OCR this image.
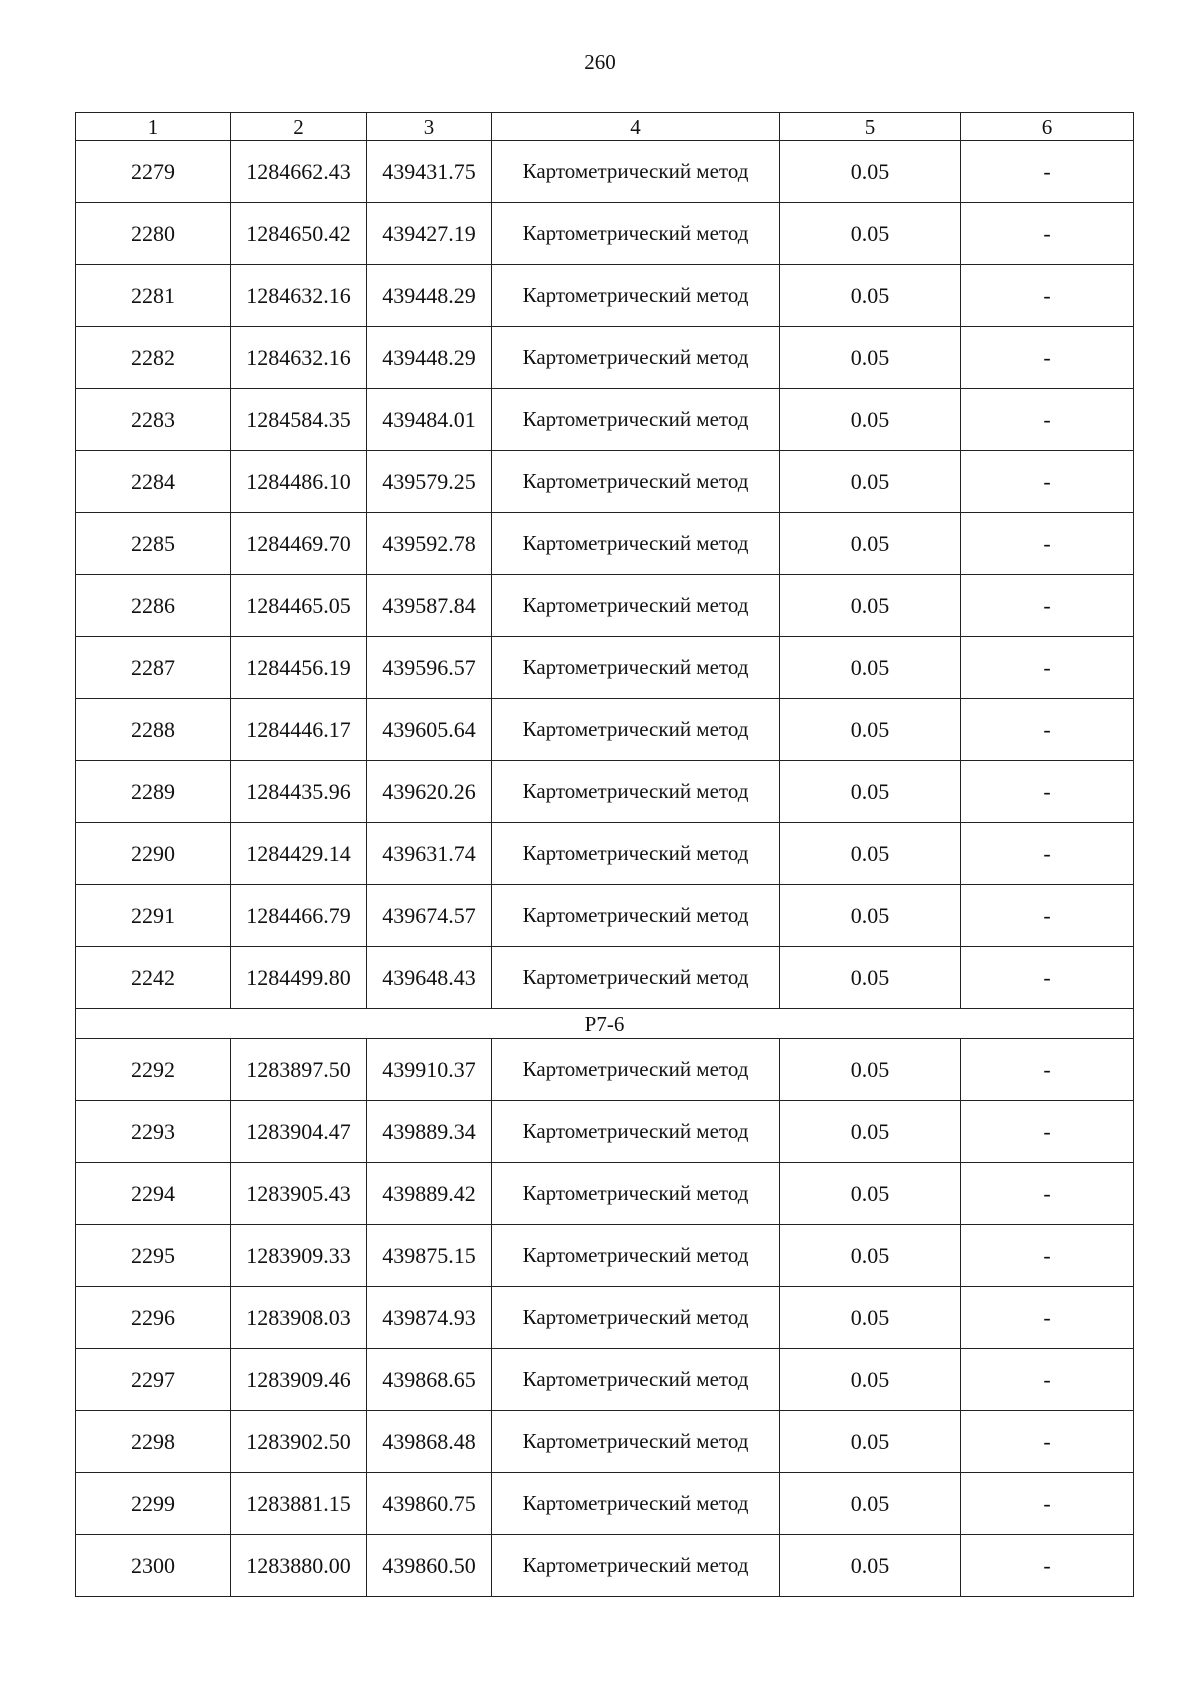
260
1	2	3	4	5	6
2279	1284662.43	439431.75	Картометрический метод	0.05	-
2280	1284650.42	439427.19	Картометрический метод	0.05	-
2281	1284632.16	439448.29	Картометрический метод	0.05	-
2282	1284632.16	439448.29	Картометрический метод	0.05	-
2283	1284584.35	439484.01	Картометрический метод	0.05	-
2284	1284486.10	439579.25	Картометрический метод	0.05	-
2285	1284469.70	439592.78	Картометрический метод	0.05	-
2286	1284465.05	439587.84	Картометрический метод	0.05	-
2287	1284456.19	439596.57	Картометрический метод	0.05	-
2288	1284446.17	439605.64	Картометрический метод	0.05	-
2289	1284435.96	439620.26	Картометрический метод	0.05	-
2290	1284429.14	439631.74	Картометрический метод	0.05	-
2291	1284466.79	439674.57	Картометрический метод	0.05	-
2242	1284499.80	439648.43	Картометрический метод	0.05	-
P7-6					
2292	1283897.50	439910.37	Картометрический метод	0.05	-
2293	1283904.47	439889.34	Картометрический метод	0.05	-
2294	1283905.43	439889.42	Картометрический метод	0.05	-
2295	1283909.33	439875.15	Картометрический метод	0.05	-
2296	1283908.03	439874.93	Картометрический метод	0.05	-
2297	1283909.46	439868.65	Картометрический метод	0.05	-
2298	1283902.50	439868.48	Картометрический метод	0.05	-
2299	1283881.15	439860.75	Картометрический метод	0.05	-
2300	1283880.00	439860.50	Картометрический метод	0.05	-
